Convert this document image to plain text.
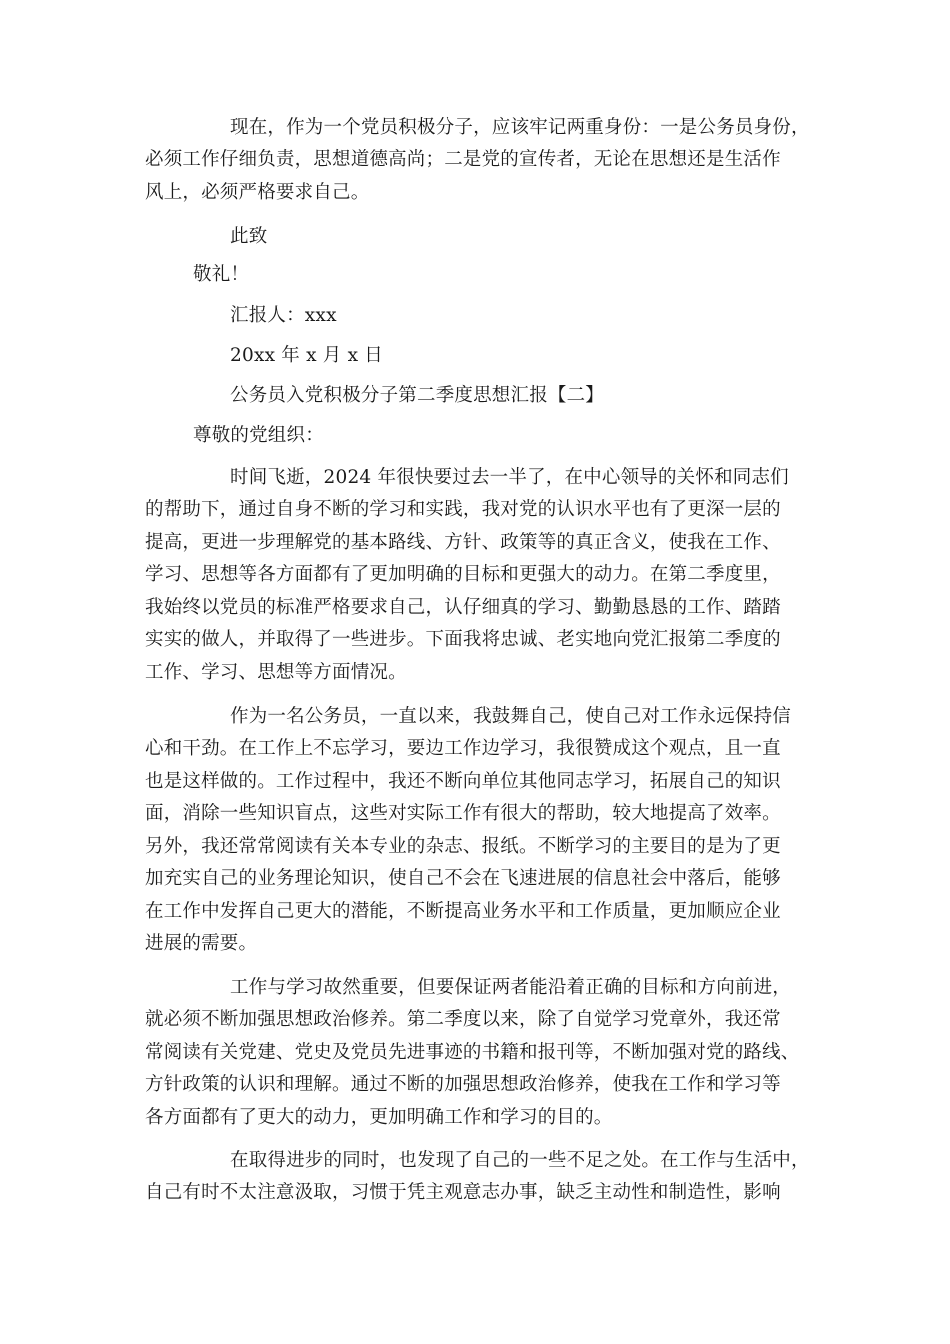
现在，作为一个党员积极分子，应该牢记两重身份：一是公务员身份，
必须工作仔细负责，思想道德高尚；二是党的宣传者，无论在思想还是生活作
风上，必须严格要求自己。
此致
敬礼！
汇报人：xxx
20xx 年 x 月 x 日
公务员入党积极分子第二季度思想汇报【二】
尊敬的党组织：
时间飞逝，2024 年很快要过去一半了，在中心领导的关怀和同志们
的帮助下，通过自身不断的学习和实践，我对党的认识水平也有了更深一层的
提高，更进一步理解党的基本路线、方针、政策等的真正含义，使我在工作、
学习、思想等各方面都有了更加明确的目标和更强大的动力。在第二季度里，
我始终以党员的标准严格要求自己，认仔细真的学习、勤勤恳恳的工作、踏踏
实实的做人，并取得了一些进步。下面我将忠诚、老实地向党汇报第二季度的
工作、学习、思想等方面情况。
作为一名公务员，一直以来，我鼓舞自己，使自己对工作永远保持信
心和干劲。在工作上不忘学习，要边工作边学习，我很赞成这个观点，且一直
也是这样做的。工作过程中，我还不断向单位其他同志学习，拓展自己的知识
面，消除一些知识盲点，这些对实际工作有很大的帮助，较大地提高了效率。
另外，我还常常阅读有关本专业的杂志、报纸。不断学习的主要目的是为了更
加充实自己的业务理论知识，使自己不会在飞速进展的信息社会中落后，能够
在工作中发挥自己更大的潜能，不断提高业务水平和工作质量，更加顺应企业
进展的需要。
工作与学习故然重要，但要保证两者能沿着正确的目标和方向前进，
就必须不断加强思想政治修养。第二季度以来，除了自觉学习党章外，我还常
常阅读有关党建、党史及党员先进事迹的书籍和报刊等，不断加强对党的路线、
方针政策的认识和理解。通过不断的加强思想政治修养，使我在工作和学习等
各方面都有了更大的动力，更加明确工作和学习的目的。
在取得进步的同时，也发现了自己的一些不足之处。在工作与生活中，
自己有时不太注意汲取，习惯于凭主观意志办事，缺乏主动性和制造性，影响
